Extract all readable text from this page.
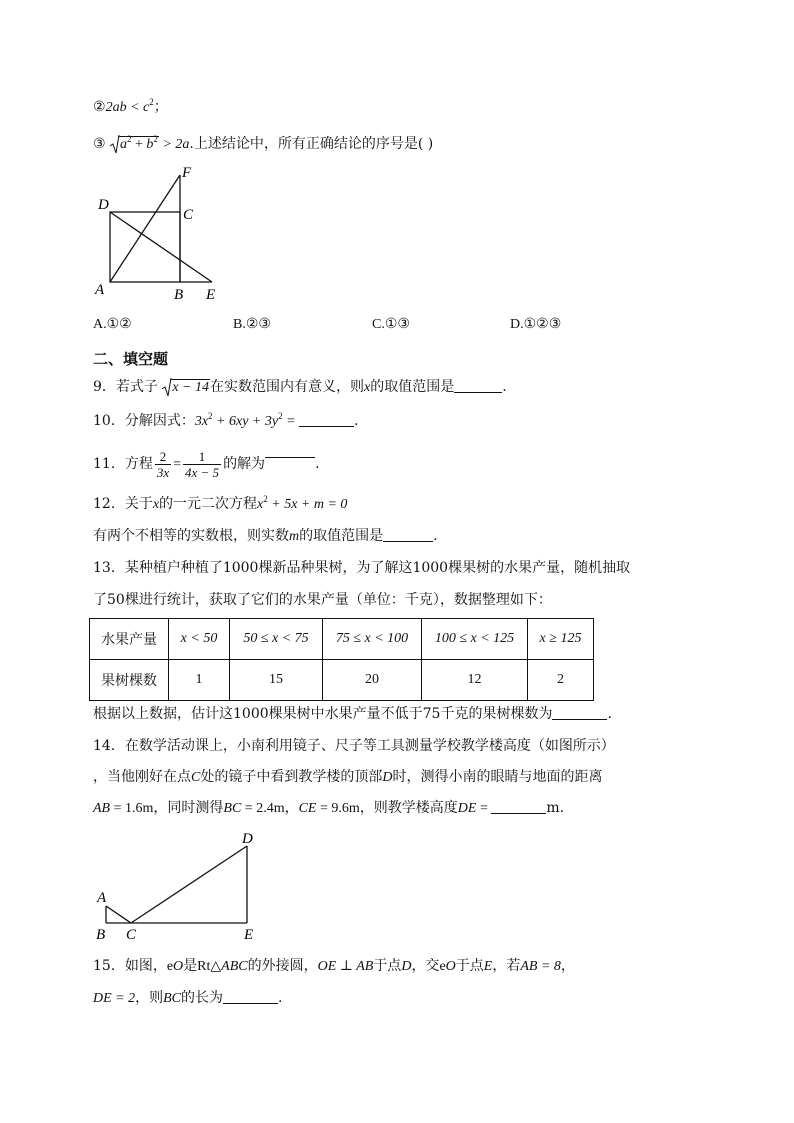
②2ab < $c^2$；
③ $a^2 + b^2 > 2a$.上述结论中，所有正确结论的序号是( )
F
D
C
A	B E
A.①②	B.②③	C.①③	D.①②③
二、填空题
9．若式子 x − 14在实数范围内有意义，则x的取值范围是	.
10．分解因式：$3x^2 + 6xy + 3y^2$ =	.
11．方程 $\frac{2}{3x} = \frac{1}{4x - 5}$ 的解为	.
12．关于x的一元二次方程$x^2 + 5x + m = 0$
有两个不相等的实数根，则实数m的取值范围是	.
13．某种植户种植了1000棵新品种果树，为了解这1000棵果树的水果产量，随机抽取
了50棵进行统计，获取了它们的水果产量（单位：千克），数据整理如下：
水果产量	x < 50	50 ≤ x < 75	75 ≤ x < 100	100 ≤ x < 125	x ≥ 125
果树棵数	1	15	20	12	2
根据以上数据，估计这1000棵果树中水果产量不低于75千克的果树棵数为	.
14．在数学活动课上，小南利用镜子、尺子等工具测量学校教学楼高度（如图所示）
，当他刚好在点C处的镜子中看到教学楼的顶部D时，测得小南的眼睛与地面的距离
AB = 1.6m，同时测得BC = 2.4m，CE = 9.6m，则教学楼高度DE =	m.
D
A
B C	E
15．如图，eO是Rt△ABC的外接圆，OE ⊥ AB于点D，交eO于点E，若AB = 8，
DE = 2，则BC的长为	.
